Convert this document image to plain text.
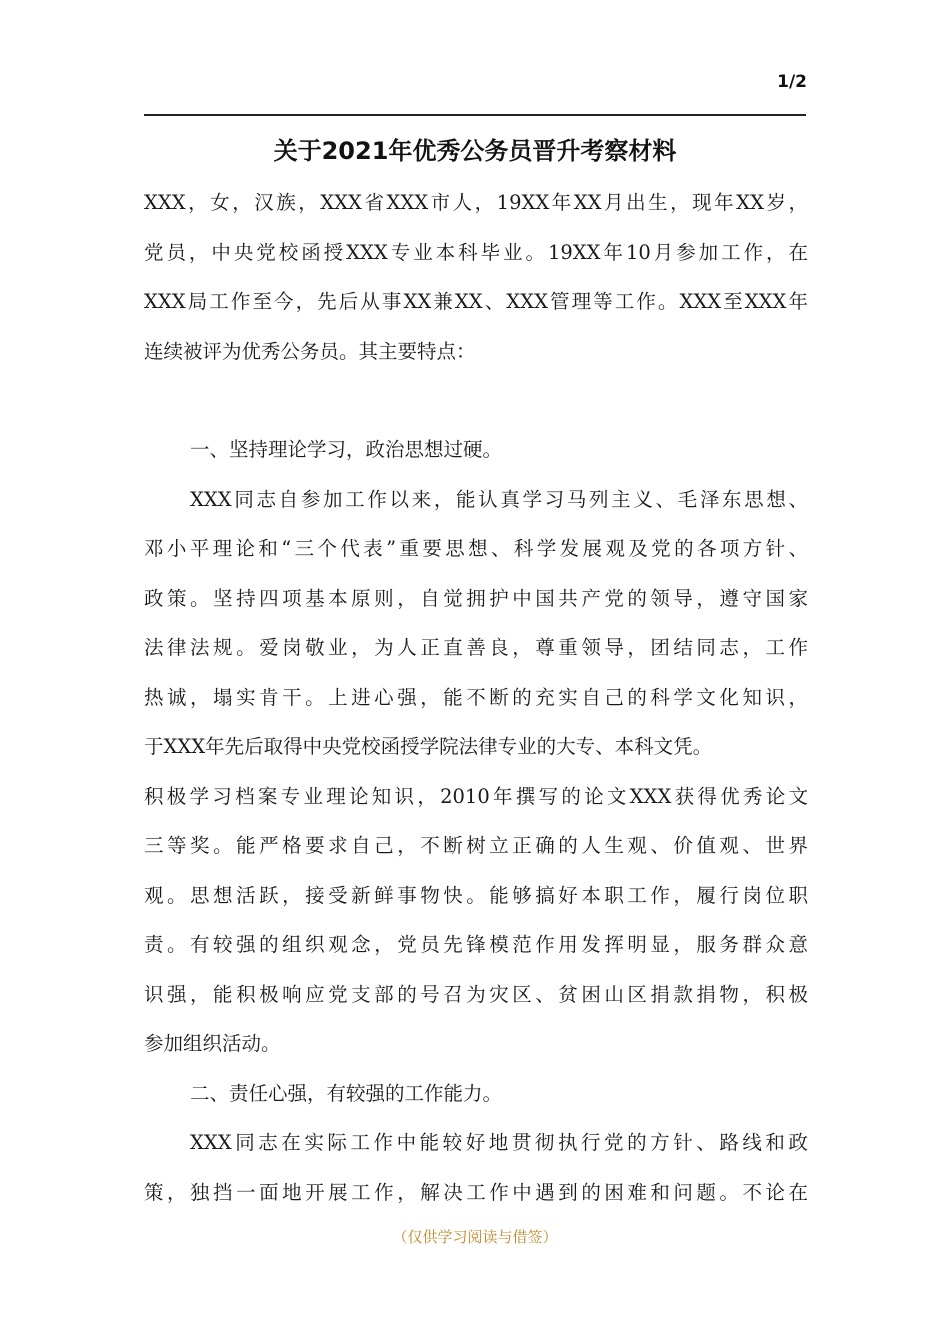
1/2
关于2021年优秀公务员晋升考察材料
XXX，女，汉族，XXX省XXX市人，19XX年XX月出生，现年XX岁，
党员，中央党校函授XXX专业本科毕业。19XX年10月参加工作，在
XXX局工作至今，先后从事XX兼XX、XXX管理等工作。XXX至XXX年
连续被评为优秀公务员。其主要特点：
一、坚持理论学习，政治思想过硬。
XXX同志自参加工作以来，能认真学习马列主义、毛泽东思想、
邓小平理论和“三个代表”重要思想、科学发展观及党的各项方针、
政策。坚持四项基本原则，自觉拥护中国共产党的领导，遵守国家
法律法规。爱岗敬业，为人正直善良，尊重领导，团结同志，工作
热诚，塌实肯干。上进心强，能不断的充实自己的科学文化知识，
于XXX年先后取得中央党校函授学院法律专业的大专、本科文凭。
积极学习档案专业理论知识，2010年撰写的论文XXX获得优秀论文
三等奖。能严格要求自己，不断树立正确的人生观、价值观、世界
观。思想活跃，接受新鲜事物快。能够搞好本职工作，履行岗位职
责。有较强的组织观念，党员先锋模范作用发挥明显，服务群众意
识强，能积极响应党支部的号召为灾区、贫困山区捐款捐物，积极
参加组织活动。
二、责任心强，有较强的工作能力。
XXX同志在实际工作中能较好地贯彻执行党的方针、路线和政
策，独挡一面地开展工作，解决工作中遇到的困难和问题。不论在
（仅供学习阅读与借签）
